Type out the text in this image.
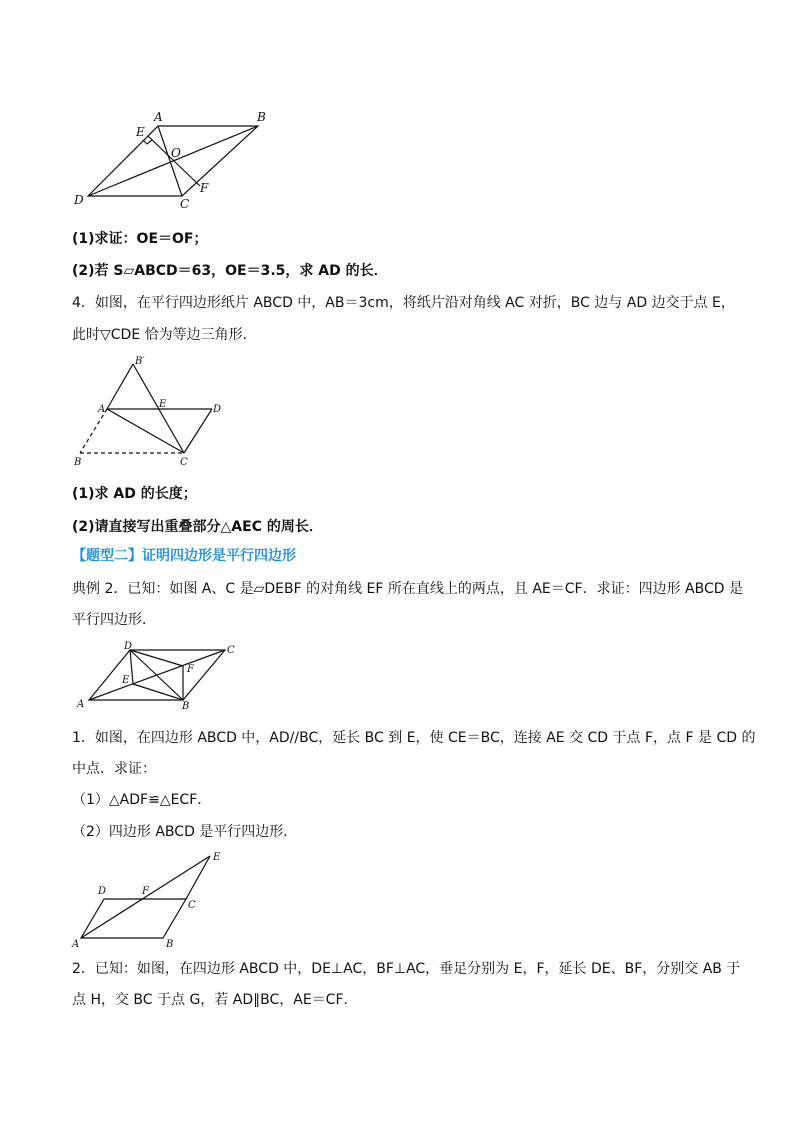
A	B
C
D
E
F
O
(1)求证：OE＝OF；
(2)若 S▱ABCD＝63，OE＝3.5，求 AD 的长．
4．如图，在平行四边形纸片 ABCD 中，AB＝3cm，将纸片沿对角线 AC 对折，BC 边与 AD 边交于点 E，
此时▽CDE 恰为等边三角形．
B′
A	E	D
B	C
(1)求 AD 的长度；
(2)请直接写出重叠部分△AEC 的周长．
【题型二】证明四边形是平行四边形
典例 2．已知：如图 A、C 是▱DEBF 的对角线 EF 所在直线上的两点，且 AE＝CF．求证：四边形 ABCD 是
平行四边形．
D	C
E
F
A	B
1．如图，在四边形 ABCD 中，AD//BC，延长 BC 到 E，使 CE＝BC，连接 AE 交 CD 于点 F，点 F 是 CD 的
中点．求证：
（1）△ADF≌△ECF．
（2）四边形 ABCD 是平行四边形．
E
D	F
C
A	B
2．已知：如图，在四边形 ABCD 中，DE⊥AC，BF⊥AC，垂足分别为 E，F，延长 DE、BF，分别交 AB 于
点 H，交 BC 于点 G，若 AD∥BC，AE＝CF．
